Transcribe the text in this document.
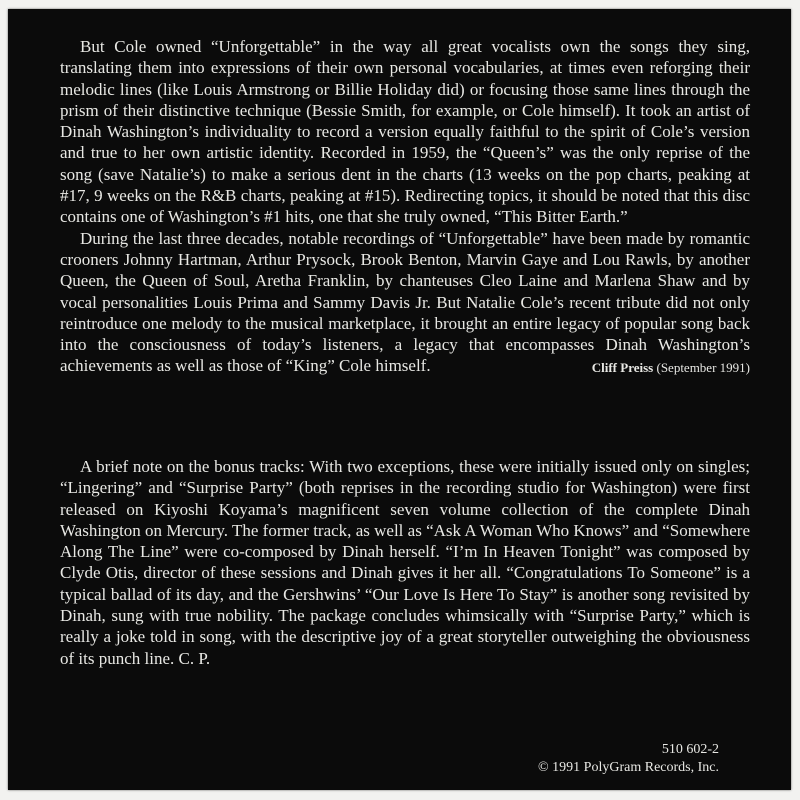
But Cole owned “Unforgettable” in the way all great vocalists own the songs they sing, translating them into expressions of their own personal vocabularies, at times even reforging their melodic lines (like Louis Armstrong or Billie Holiday did) or focusing those same lines through the prism of their distinctive technique (Bessie Smith, for example, or Cole himself). It took an artist of Dinah Washington’s individuality to record a version equally faithful to the spirit of Cole’s version and true to her own artistic identity. Recorded in 1959, the “Queen’s” was the only reprise of the song (save Natalie’s) to make a serious dent in the charts (13 weeks on the pop charts, peaking at #17, 9 weeks on the R&B charts, peaking at #15). Redirecting topics, it should be noted that this disc contains one of Washington’s #1 hits, one that she truly owned, “This Bitter Earth.”

During the last three decades, notable recordings of “Unforgettable” have been made by romantic crooners Johnny Hartman, Arthur Prysock, Brook Benton, Marvin Gaye and Lou Rawls, by another Queen, the Queen of Soul, Aretha Franklin, by chanteuses Cleo Laine and Marlena Shaw and by vocal personalities Louis Prima and Sammy Davis Jr. But Natalie Cole’s recent tribute did not only reintroduce one melody to the musical marketplace, it brought an entire legacy of popular song back into the consciousness of today’s listeners, a legacy that encompasses Dinah Washington’s achievements as well as those of “King” Cole himself.	Cliff Preiss (September 1991)

A brief note on the bonus tracks: With two exceptions, these were initially issued only on singles; “Lingering” and “Surprise Party” (both reprises in the recording studio for Washington) were first released on Kiyoshi Koyama’s magnificent seven volume collection of the complete Dinah Washington on Mercury. The former track, as well as “Ask A Woman Who Knows” and “Somewhere Along The Line” were co-composed by Dinah herself. “I’m In Heaven Tonight” was composed by Clyde Otis, director of these sessions and Dinah gives it her all. “Congratulations To Someone” is a typical ballad of its day, and the Gershwins’ “Our Love Is Here To Stay” is another song revisited by Dinah, sung with true nobility. The package concludes whimsically with “Surprise Party,” which is really a joke told in song, with the descriptive joy of a great storyteller outweighing the obviousness of its punch line. C. P.

510 602-2
© 1991 PolyGram Records, Inc.
